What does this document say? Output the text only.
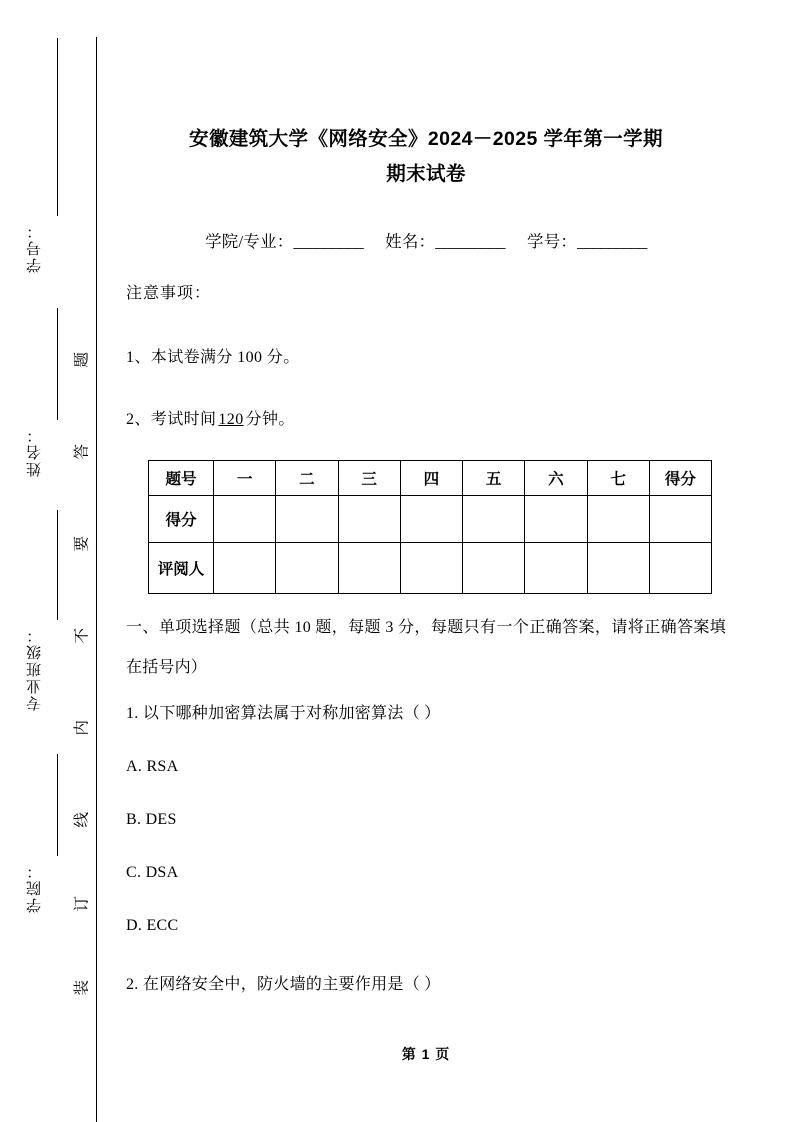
学号：
姓名：
专业班级：
学院：
题
答
要
不
内
线
订
装
安徽建筑大学《网络安全》2024－2025 学年第一学期
期末试卷
学院/专业：_________ 姓名：_________ 学号：_________
注意事项：
1、本试卷满分 100 分。
2、考试时间 120 分钟。
题号	一	二	三	四	五	六	七	得分
得分								
评阅人								
一、单项选择题（总共 10 题，每题 3 分，每题只有一个正确答案，请将正确答案填在括号内）
1. 以下哪种加密算法属于对称加密算法（ ）
A. RSA
B. DES
C. DSA
D. ECC
2. 在网络安全中，防火墙的主要作用是（ ）
第 1 页
